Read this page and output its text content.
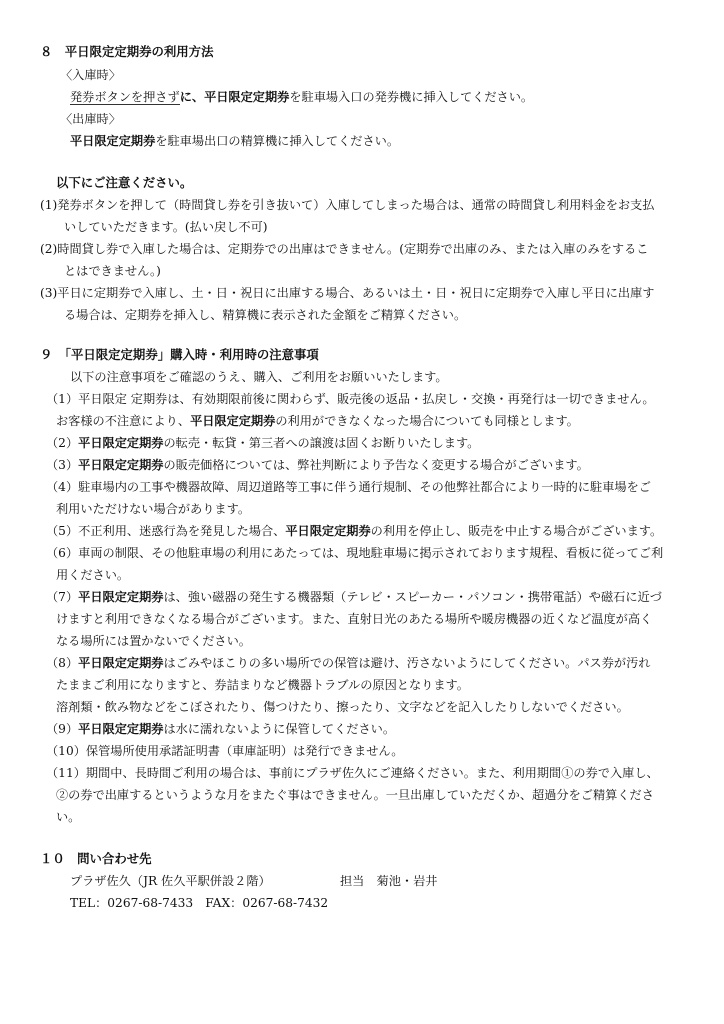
８　平日限定定期券の利用方法
〈入庫時〉
発券ボタンを押さずに、平日限定定期券を駐車場入口の発券機に挿入してください。
〈出庫時〉
平日限定定期券を駐車場出口の精算機に挿入してください。
以下にご注意ください。
(1)発券ボタンを押して（時間貸し券を引き抜いて）入庫してしまった場合は、通常の時間貸し利用料金をお支払
いしていただきます。(払い戻し不可)
(2)時間貸し券で入庫した場合は、定期券での出庫はできません。(定期券で出庫のみ、または入庫のみをするこ
とはできません。)
(3)平日に定期券で入庫し、土・日・祝日に出庫する場合、あるいは土・日・祝日に定期券で入庫し平日に出庫す
る場合は、定期券を挿入し、精算機に表示された金額をご精算ください。
９　「平日限定定期券」購入時・利用時の注意事項
以下の注意事項をご確認のうえ、購入、ご利用をお願いいたします。
（1）平日限定 定期券は、有効期限前後に関わらず、販売後の返品・払戻し・交換・再発行は一切できません。
お客様の不注意により、平日限定定期券の利用ができなくなった場合についても同様とします。
（2）平日限定定期券の転売・転貸・第三者への譲渡は固くお断りいたします。
（3）平日限定定期券の販売価格については、弊社判断により予告なく変更する場合がございます。
（4）駐車場内の工事や機器故障、周辺道路等工事に伴う通行規制、その他弊社都合により一時的に駐車場をご
利用いただけない場合があります。
（5）不正利用、迷惑行為を発見した場合、平日限定定期券の利用を停止し、販売を中止する場合がございます。
（6）車両の制限、その他駐車場の利用にあたっては、現地駐車場に掲示されております規程、看板に従ってご利
用ください。
（7）平日限定定期券は、強い磁器の発生する機器類（テレビ・スピーカー・パソコン・携帯電話）や磁石に近づ
けますと利用できなくなる場合がございます。また、直射日光のあたる場所や暖房機器の近くなど温度が高く
なる場所には置かないでください。
（8）平日限定定期券はごみやほこりの多い場所での保管は避け、汚さないようにしてください。パス券が汚れ
たままご利用になりますと、券詰まりなど機器トラブルの原因となります。
溶剤類・飲み物などをこぼされたり、傷つけたり、擦ったり、文字などを記入したりしないでください。
（9）平日限定定期券は水に濡れないように保管してください。
（10）保管場所使用承諾証明書（車庫証明）は発行できません。
（11）期間中、長時間ご利用の場合は、事前にプラザ佐久にご連絡ください。また、利用期間①の券で入庫し、
②の券で出庫するというような月をまたぐ事はできません。一旦出庫していただくか、超過分をご精算くださ
い。
１０　問い合わせ先
プラザ佐久（JR 佐久平駅併設２階）	担当　菊池・岩井
TEL：0267-68-7433　FAX：0267-68-7432
